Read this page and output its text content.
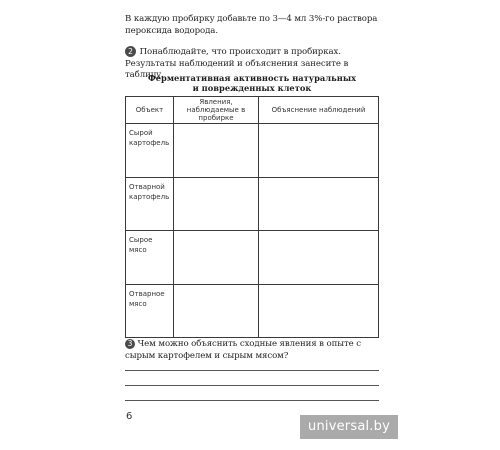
В каждую пробирку добавьте по 3—4 мл 3%-го раствора пероксида водорода.
2 Понаблюдайте, что происходит в пробирках. Результаты наблюдений и объяснения занесите в таблицу.
Ферментативная активность натуральных
и поврежденных клеток
Объект	Явления, наблюдаемые в пробирке	Объяснение наблюдений
Сырой картофель		
Отварной картофель		
Сырое мясо		
Отварное мясо		
3 Чем можно объяснить сходные явления в опыте с сырым картофелем и сырым мясом?
6
universal.by
